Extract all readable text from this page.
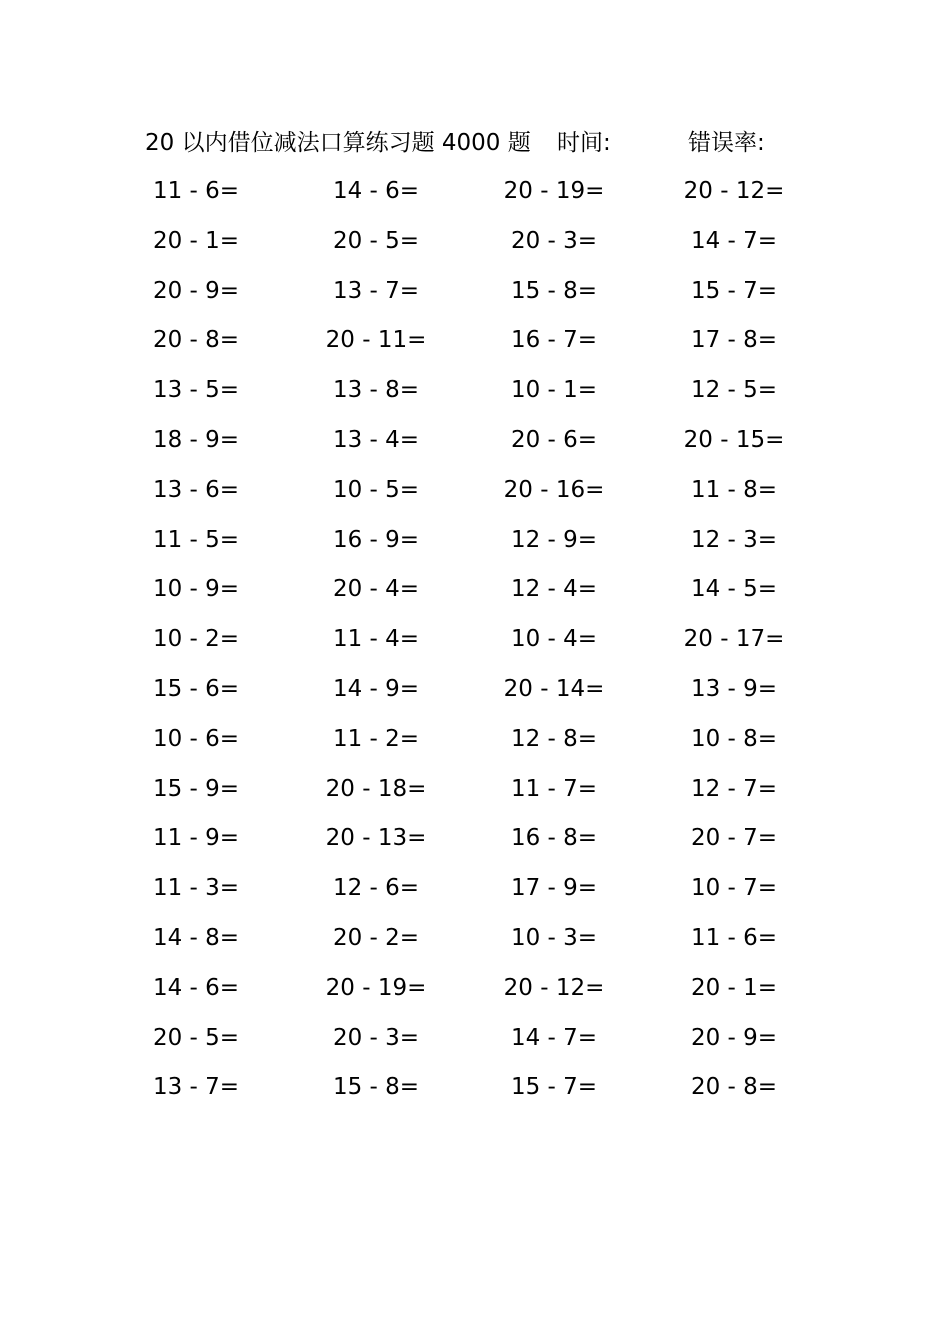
20 以内借位减法口算练习题 4000 题 时间:	错误率:
11 - 6=	14 - 6=	20 - 19=	20 - 12=
20 - 1=	20 - 5=	20 - 3=	14 - 7=
20 - 9=	13 - 7=	15 - 8=	15 - 7=
20 - 8=	20 - 11=	16 - 7=	17 - 8=
13 - 5=	13 - 8=	10 - 1=	12 - 5=
18 - 9=	13 - 4=	20 - 6=	20 - 15=
13 - 6=	10 - 5=	20 - 16=	11 - 8=
11 - 5=	16 - 9=	12 - 9=	12 - 3=
10 - 9=	20 - 4=	12 - 4=	14 - 5=
10 - 2=	11 - 4=	10 - 4=	20 - 17=
15 - 6=	14 - 9=	20 - 14=	13 - 9=
10 - 6=	11 - 2=	12 - 8=	10 - 8=
15 - 9=	20 - 18=	11 - 7=	12 - 7=
11 - 9=	20 - 13=	16 - 8=	20 - 7=
11 - 3=	12 - 6=	17 - 9=	10 - 7=
14 - 8=	20 - 2=	10 - 3=	11 - 6=
14 - 6=	20 - 19=	20 - 12=	20 - 1=
20 - 5=	20 - 3=	14 - 7=	20 - 9=
13 - 7=	15 - 8=	15 - 7=	20 - 8=
